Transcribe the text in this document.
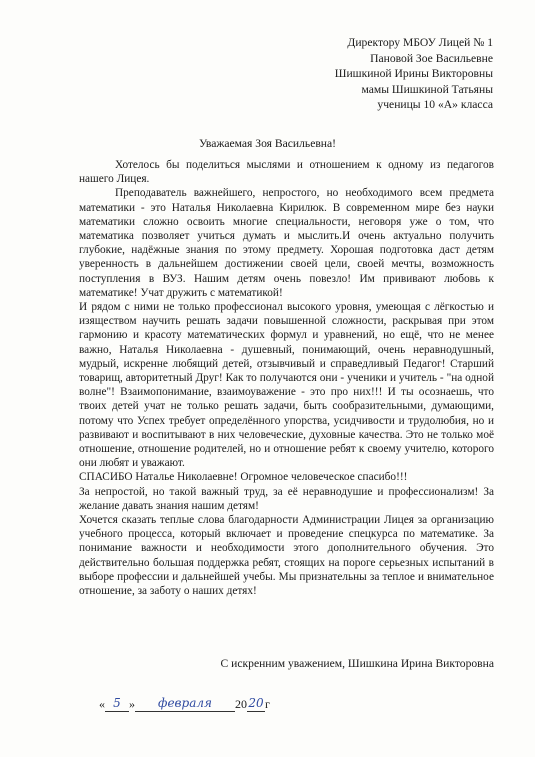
Директору МБОУ Лицей № 1
Пановой Зое Васильевне
Шишкиной Ирины Викторовны
мамы Шишкиной Татьяны
ученицы 10 «А» класса
Уважаемая Зоя Васильевна!

Хотелось бы поделиться мыслями и отношением к одному из педагогов нашего Лицея.

Преподаватель важнейшего, непростого, но необходимого всем предмета математики - это Наталья Николаевна Кирилюк. В современном мире без науки математики сложно освоить многие специальности, неговоря уже о том, что математика позволяет учиться думать и мыслить.И очень актуально получить глубокие, надёжные знания по этому предмету. Хорошая подготовка даст детям уверенность в дальнейшем достижении своей цели, своей мечты, возможность поступления в ВУЗ. Нашим детям очень повезло! Им прививают любовь к математике! Учат дружить с математикой!

И рядом с ними не только профессионал высокого уровня, умеющая с лёгкостью и изяществом научить решать задачи повышенной сложности, раскрывая при этом гармонию и красоту математических формул и уравнений, но ещё, что не менее важно, Наталья Николаевна - душевный, понимающий, очень неравнодушный, мудрый, искренне любящий детей, отзывчивый и справедливый Педагог! Старший товарищ, авторитетный Друг! Как то получаются они - ученики и учитель - "на одной волне"! Взаимопонимание, взаимоуважение - это про них!!! И ты осознаешь, что твоих детей учат не только решать задачи, быть сообразительными, думающими, потому что Успех требует определённого упорства, усидчивости и трудолюбия, но и развивают и воспитывают в них человеческие, духовные качества. Это не только моё отношение, отношение родителей, но и отношение ребят к своему учителю, которого они любят и уважают.

СПАСИБО Наталье Николаевне! Огромное человеческое спасибо!!!

За непростой, но такой важный труд, за её неравнодушие и профессионализм! За желание давать знания нашим детям!

Хочется сказать теплые слова благодарности Администрации Лицея за организацию учебного процесса, который включает и проведение спецкурса по математике. За понимание важности и необходимости этого дополнительного обучения. Это действительно большая поддержка ребят, стоящих на пороге серьезных испытаний в выборе профессии и дальнейшей учебы. Мы признательны за теплое и внимательное отношение, за заботу о наших детях!

С искренним уважением, Шишкина Ирина Викторовна
« 5 »	февраля	20 20 г
